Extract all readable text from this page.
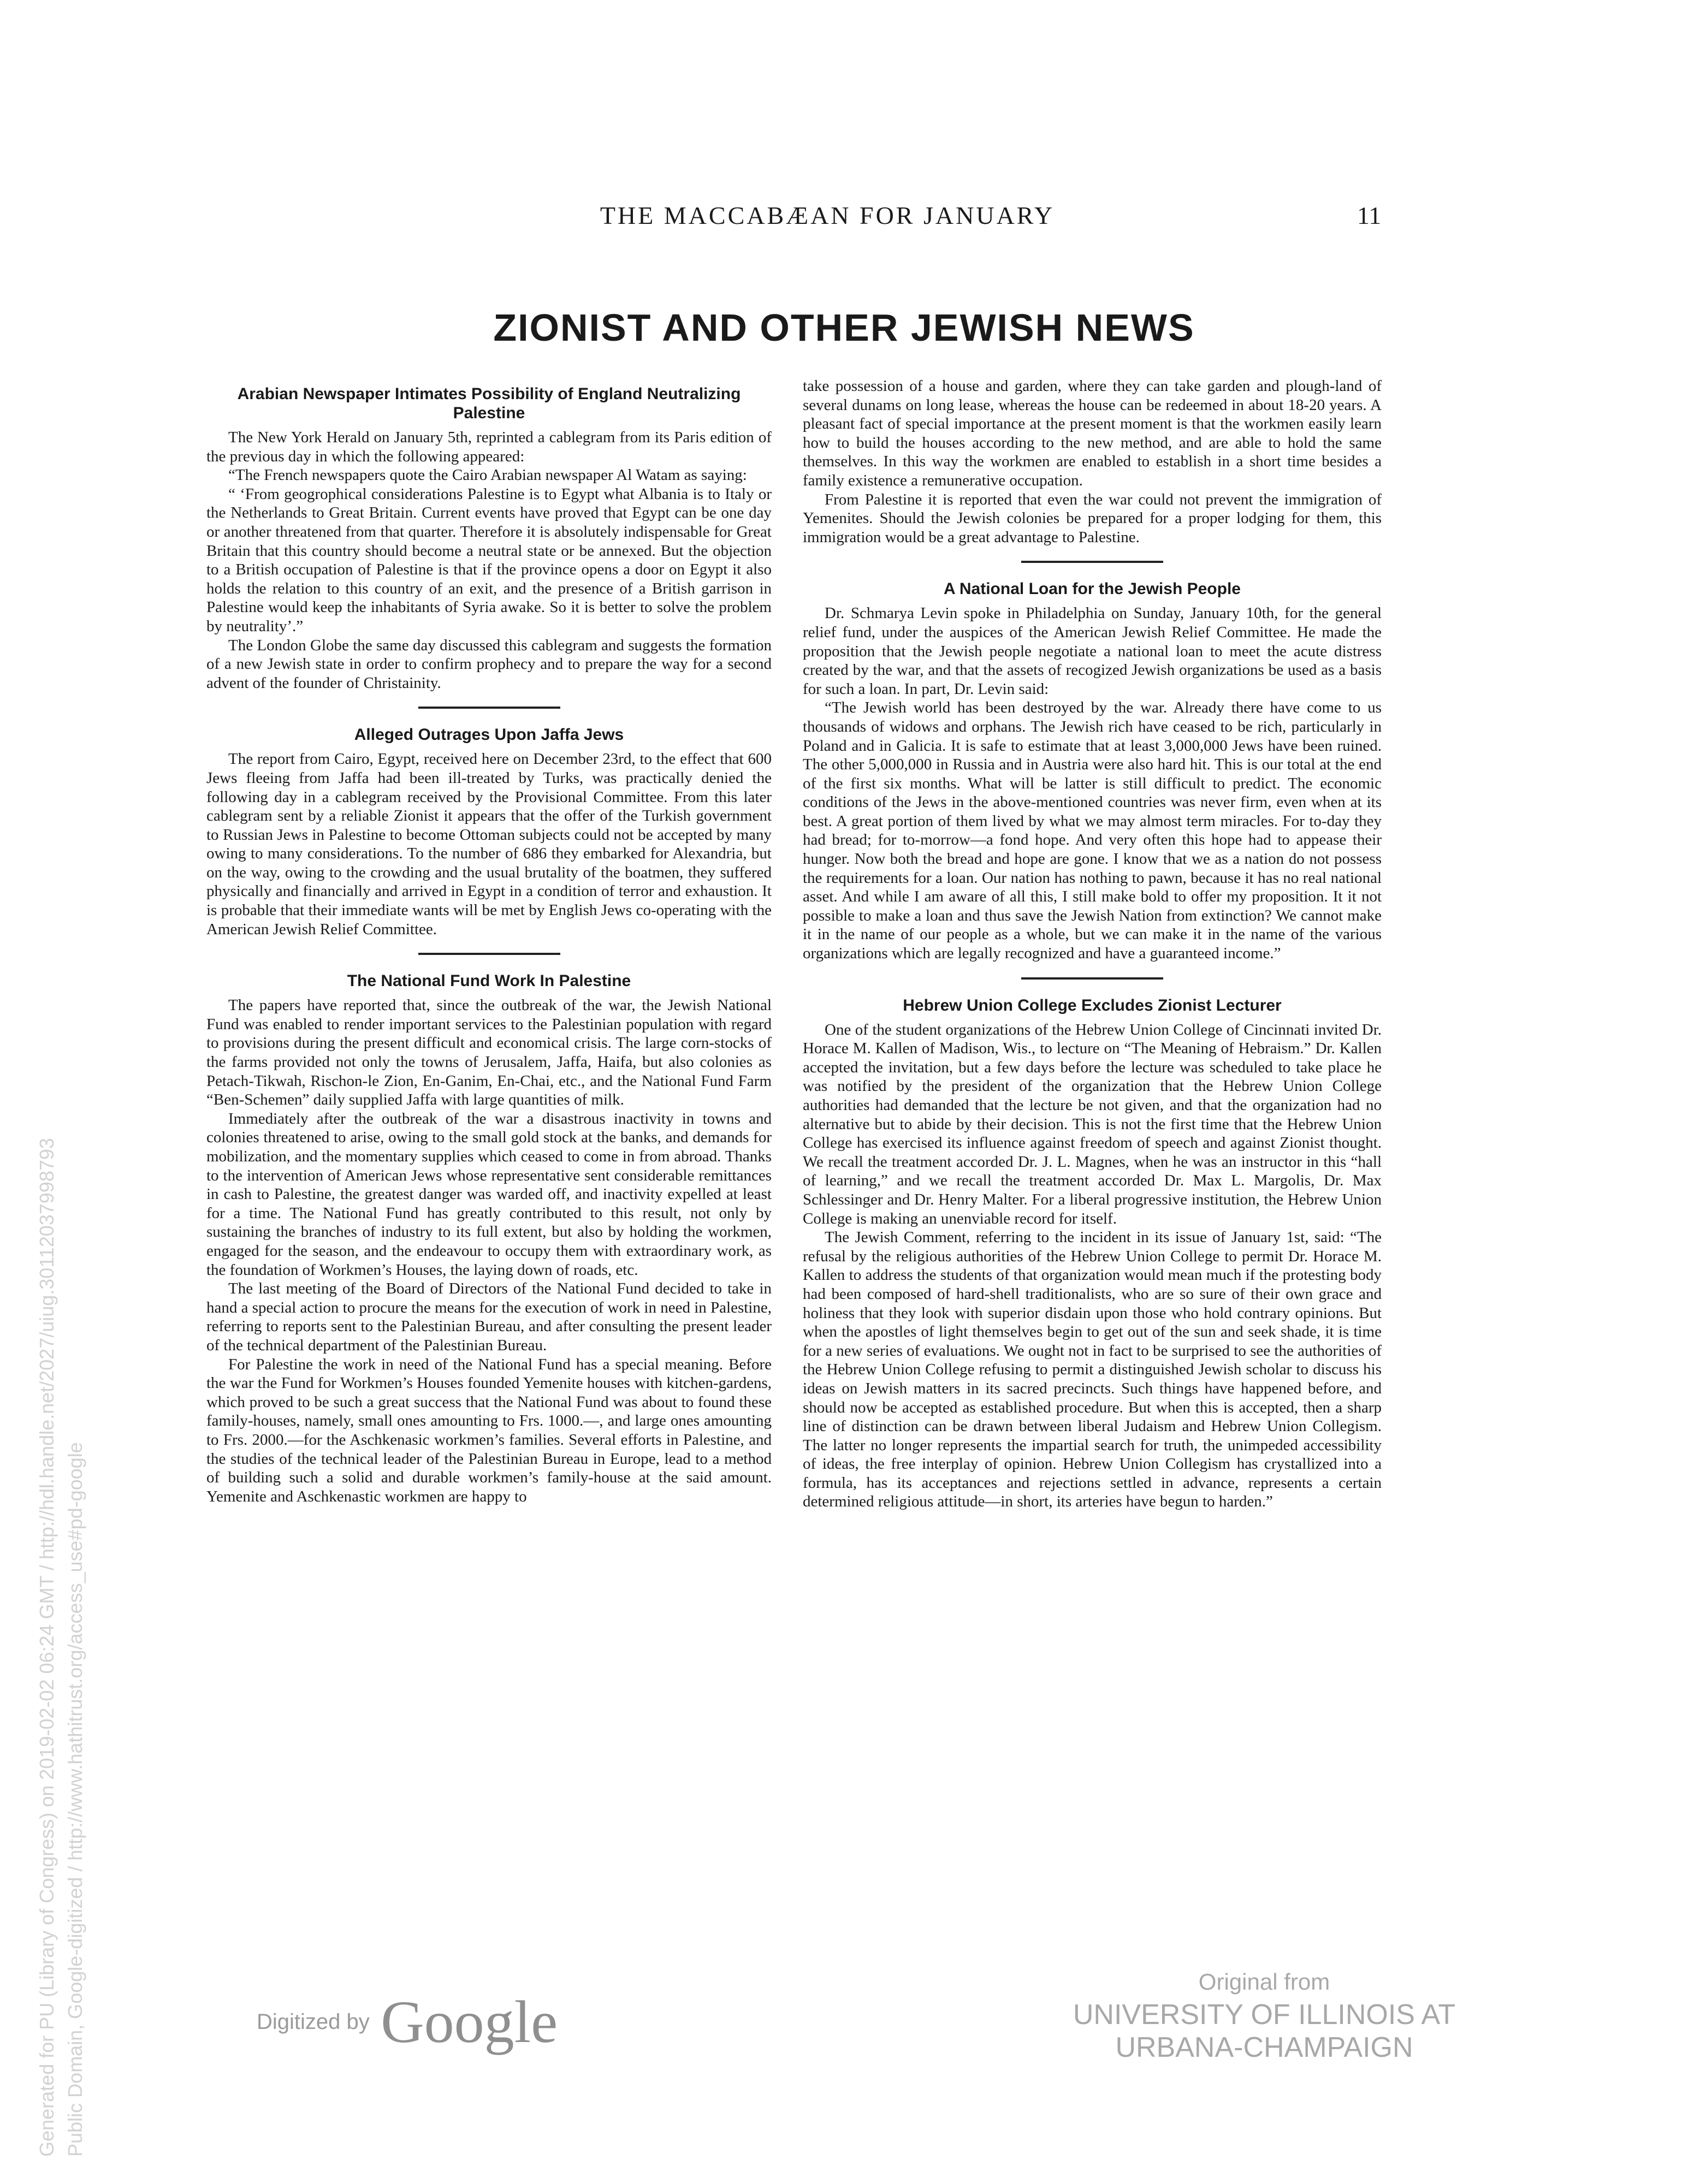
Generated for PU (Library of Congress) on 2019-02-02 06:24 GMT / http://hdl.handle.net/2027/uiug.30112037998793 Public Domain, Google-digitized / http://www.hathitrust.org/access_use#pd-google
THE MACCABÆAN FOR JANUARY	11
ZIONIST AND OTHER JEWISH NEWS
Arabian Newspaper Intimates Possibility of England Neutralizing Palestine

The New York Herald on January 5th, reprinted a cablegram from its Paris edition of the previous day in which the following appeared:

“The French newspapers quote the Cairo Arabian newspaper Al Watam as saying:

“ ‘From geogrophical considerations Palestine is to Egypt what Albania is to Italy or the Netherlands to Great Britain. Current events have proved that Egypt can be one day or another threatened from that quarter. Therefore it is absolutely indispensable for Great Britain that this country should become a neutral state or be annexed. But the objection to a British occupation of Palestine is that if the province opens a door on Egypt it also holds the relation to this country of an exit, and the presence of a British garrison in Palestine would keep the inhabitants of Syria awake. So it is better to solve the problem by neutrality’.”

The London Globe the same day discussed this cablegram and suggests the formation of a new Jewish state in order to confirm prophecy and to prepare the way for a second advent of the founder of Christainity.

Alleged Outrages Upon Jaffa Jews

The report from Cairo, Egypt, received here on December 23rd, to the effect that 600 Jews fleeing from Jaffa had been ill-treated by Turks, was practically denied the following day in a cablegram received by the Provisional Committee. From this later cablegram sent by a reliable Zionist it appears that the offer of the Turkish government to Russian Jews in Palestine to become Ottoman subjects could not be accepted by many owing to many considerations. To the number of 686 they embarked for Alexandria, but on the way, owing to the crowding and the usual brutality of the boatmen, they suffered physically and financially and arrived in Egypt in a condition of terror and exhaustion. It is probable that their immediate wants will be met by English Jews co-operating with the American Jewish Relief Committee.

The National Fund Work In Palestine

The papers have reported that, since the outbreak of the war, the Jewish National Fund was enabled to render important services to the Palestinian population with regard to provisions during the present difficult and economical crisis. The large corn-stocks of the farms provided not only the towns of Jerusalem, Jaffa, Haifa, but also colonies as Petach-Tikwah, Rischon-le Zion, En-Ganim, En-Chai, etc., and the National Fund Farm “Ben-Schemen” daily supplied Jaffa with large quantities of milk.

Immediately after the outbreak of the war a disastrous inactivity in towns and colonies threatened to arise, owing to the small gold stock at the banks, and demands for mobilization, and the momentary supplies which ceased to come in from abroad. Thanks to the intervention of American Jews whose representative sent considerable remittances in cash to Palestine, the greatest danger was warded off, and inactivity expelled at least for a time. The National Fund has greatly contributed to this result, not only by sustaining the branches of industry to its full extent, but also by holding the workmen, engaged for the season, and the endeavour to occupy them with extraordinary work, as the foundation of Workmen’s Houses, the laying down of roads, etc.

The last meeting of the Board of Directors of the National Fund decided to take in hand a special action to procure the means for the execution of work in need in Palestine, referring to reports sent to the Palestinian Bureau, and after consulting the present leader of the technical department of the Palestinian Bureau.

For Palestine the work in need of the National Fund has a special meaning. Before the war the Fund for Workmen’s Houses founded Yemenite houses with kitchen-gardens, which proved to be such a great success that the National Fund was about to found these family-houses, namely, small ones amounting to Frs. 1000.—, and large ones amounting to Frs. 2000.—for the Aschkenasic workmen’s families. Several efforts in Palestine, and the studies of the technical leader of the Palestinian Bureau in Europe, lead to a method of building such a solid and durable workmen’s family-house at the said amount. Yemenite and Aschkenastic workmen are happy to

take possession of a house and garden, where they can take garden and plough-land of several dunams on long lease, whereas the house can be redeemed in about 18-20 years. A pleasant fact of special importance at the present moment is that the workmen easily learn how to build the houses according to the new method, and are able to hold the same themselves. In this way the workmen are enabled to establish in a short time besides a family existence a remunerative occupation.

From Palestine it is reported that even the war could not prevent the immigration of Yemenites. Should the Jewish colonies be prepared for a proper lodging for them, this immigration would be a great advantage to Palestine.

A National Loan for the Jewish People

Dr. Schmarya Levin spoke in Philadelphia on Sunday, January 10th, for the general relief fund, under the auspices of the American Jewish Relief Committee. He made the proposition that the Jewish people negotiate a national loan to meet the acute distress created by the war, and that the assets of recogized Jewish organizations be used as a basis for such a loan. In part, Dr. Levin said:

“The Jewish world has been destroyed by the war. Already there have come to us thousands of widows and orphans. The Jewish rich have ceased to be rich, particularly in Poland and in Galicia. It is safe to estimate that at least 3,000,000 Jews have been ruined. The other 5,000,000 in Russia and in Austria were also hard hit. This is our total at the end of the first six months. What will be latter is still difficult to predict. The economic conditions of the Jews in the above-mentioned countries was never firm, even when at its best. A great portion of them lived by what we may almost term miracles. For to-day they had bread; for to-morrow—a fond hope. And very often this hope had to appease their hunger. Now both the bread and hope are gone. I know that we as a nation do not possess the requirements for a loan. Our nation has nothing to pawn, because it has no real national asset. And while I am aware of all this, I still make bold to offer my proposition. It it not possible to make a loan and thus save the Jewish Nation from extinction? We cannot make it in the name of our people as a whole, but we can make it in the name of the various organizations which are legally recognized and have a guaranteed income.”

Hebrew Union College Excludes Zionist Lecturer

One of the student organizations of the Hebrew Union College of Cincinnati invited Dr. Horace M. Kallen of Madison, Wis., to lecture on “The Meaning of Hebraism.” Dr. Kallen accepted the invitation, but a few days before the lecture was scheduled to take place he was notified by the president of the organization that the Hebrew Union College authorities had demanded that the lecture be not given, and that the organization had no alternative but to abide by their decision. This is not the first time that the Hebrew Union College has exercised its influence against freedom of speech and against Zionist thought. We recall the treatment accorded Dr. J. L. Magnes, when he was an instructor in this “hall of learning,” and we recall the treatment accorded Dr. Max L. Margolis, Dr. Max Schlessinger and Dr. Henry Malter. For a liberal progressive institution, the Hebrew Union College is making an unenviable record for itself.

The Jewish Comment, referring to the incident in its issue of January 1st, said: “The refusal by the religious authorities of the Hebrew Union College to permit Dr. Horace M. Kallen to address the students of that organization would mean much if the protesting body had been composed of hard-shell traditionalists, who are so sure of their own grace and holiness that they look with superior disdain upon those who hold contrary opinions. But when the apostles of light themselves begin to get out of the sun and seek shade, it is time for a new series of evaluations. We ought not in fact to be surprised to see the authorities of the Hebrew Union College refusing to permit a distinguished Jewish scholar to discuss his ideas on Jewish matters in its sacred precincts. Such things have happened before, and should now be accepted as established procedure. But when this is accepted, then a sharp line of distinction can be drawn between liberal Judaism and Hebrew Union Collegism. The latter no longer represents the impartial search for truth, the unimpeded accessibility of ideas, the free interplay of opinion. Hebrew Union Collegism has crystallized into a formula, has its acceptances and rejections settled in advance, represents a certain determined religious attitude—in short, its arteries have begun to harden.”

Digitized by Google
Original from
UNIVERSITY OF ILLINOIS AT
URBANA-CHAMPAIGN
